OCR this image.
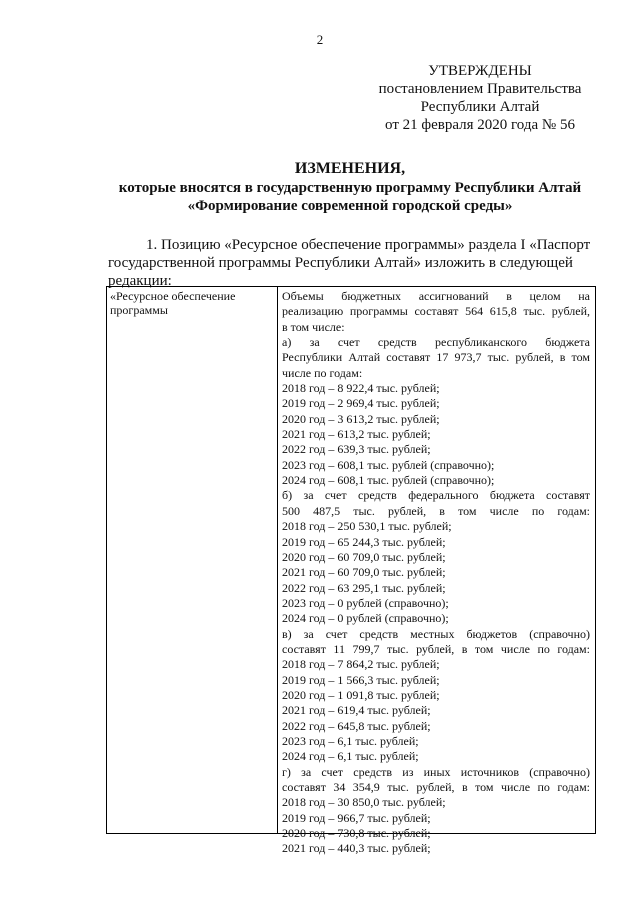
2
УТВЕРЖДЕНЫ
постановлением Правительства
Республики Алтай
от 21 февраля 2020 года № 56
ИЗМЕНЕНИЯ,
которые вносятся в государственную программу Республики Алтай
«Формирование современной городской среды»
1. Позицию «Ресурсное обеспечение программы» раздела I «Паспорт
государственной программы Республики Алтай» изложить в следующей
редакции:
«Ресурсное обеспечение
программы
Объемы бюджетных ассигнований в целом на
реализацию программы составят 564 615,8 тыс. рублей,
в том числе:
а) за счет средств республиканского бюджета
Республики Алтай составят 17 973,7 тыс. рублей, в том
числе по годам:
2018 год – 8 922,4 тыс. рублей;
2019 год – 2 969,4 тыс. рублей;
2020 год – 3 613,2 тыс. рублей;
2021 год – 613,2 тыс. рублей;
2022 год – 639,3 тыс. рублей;
2023 год – 608,1 тыс. рублей (справочно);
2024 год – 608,1 тыс. рублей (справочно);
б) за счет средств федерального бюджета составят
500 487,5 тыс. рублей, в том числе по годам:
2018 год – 250 530,1 тыс. рублей;
2019 год – 65 244,3 тыс. рублей;
2020 год – 60 709,0 тыс. рублей;
2021 год – 60 709,0 тыс. рублей;
2022 год – 63 295,1 тыс. рублей;
2023 год – 0 рублей (справочно);
2024 год – 0 рублей (справочно);
в) за счет средств местных бюджетов (справочно)
составят 11 799,7 тыс. рублей, в том числе по годам:
2018 год – 7 864,2 тыс. рублей;
2019 год – 1 566,3 тыс. рублей;
2020 год – 1 091,8 тыс. рублей;
2021 год – 619,4 тыс. рублей;
2022 год – 645,8 тыс. рублей;
2023 год – 6,1 тыс. рублей;
2024 год – 6,1 тыс. рублей;
г) за счет средств из иных источников (справочно)
составят 34 354,9 тыс. рублей, в том числе по годам:
2018 год – 30 850,0 тыс. рублей;
2019 год – 966,7 тыс. рублей;
2020 год – 730,8 тыс. рублей;
2021 год – 440,3 тыс. рублей;
